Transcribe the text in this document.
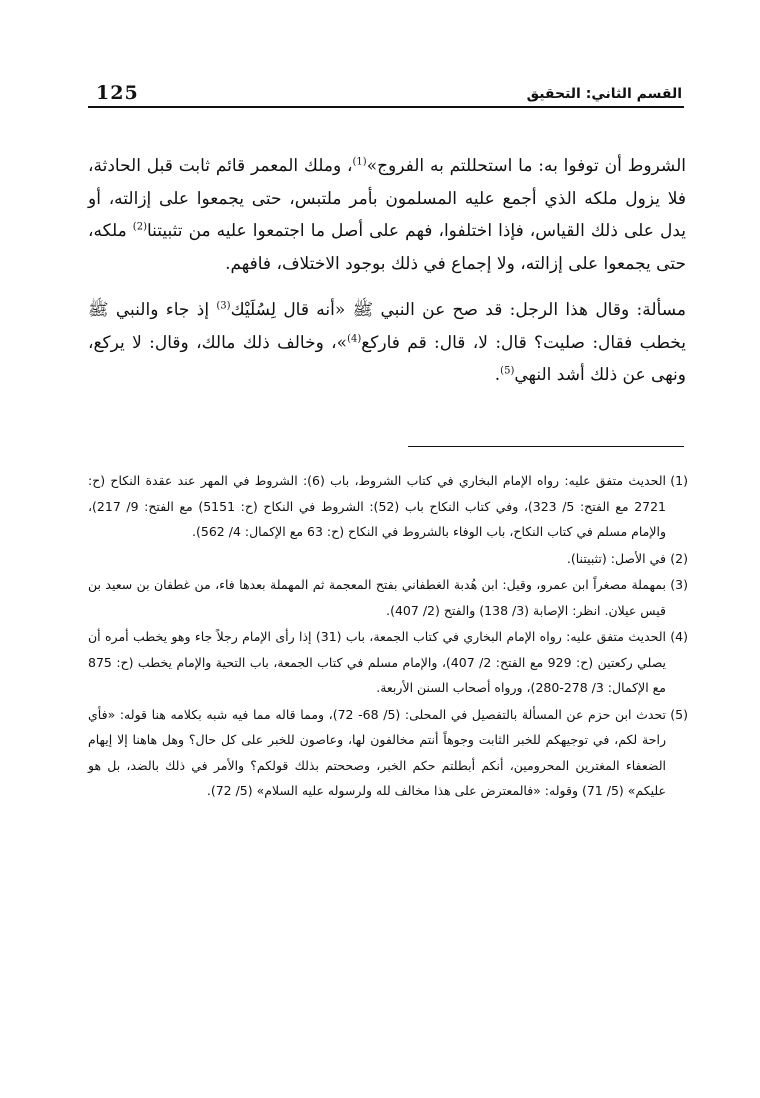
125	القسم الثاني: التحقيق

الشروط أن توفوا به: ما استحللتم به الفروج»$^{(1)}$، وملك المعمر قائم ثابت قبل الحادثة، فلا يزول ملكه الذي أجمع عليه المسلمون بأمر ملتبس، حتى يجمعوا على إزالته، أو يدل على ذلك القياس، فإذا اختلفوا، فهم على أصل ما اجتمعوا عليه من تثبيتنا$^{(2)}$ ملكه، حتى يجمعوا على إزالته، ولا إجماع في ذلك بوجود الاختلاف، فافهم.

مسألة: وقال هذا الرجل: قد صح عن النبي ﷺ «أنه قال لِسُلَيْك$^{(3)}$ إذ جاء والنبي ﷺ يخطب فقال: صليت؟ قال: لا، قال: قم فاركع$^{(4)}$»، وخالف ذلك مالك، وقال: لا يركع، ونهى عن ذلك أشد النهي$^{(5)}$.

(1)
الحديث متفق عليه: رواه الإمام البخاري في كتاب الشروط، باب (6): الشروط في المهر عند عقدة النكاح (ح: 2721 مع الفتح: 5/ 323)، وفي كتاب النكاح باب (52): الشروط في النكاح (ح: 5151) مع الفتح: 9/ 217)، والإمام مسلم في كتاب النكاح، باب الوفاء بالشروط في النكاح (ح: 63 مع الإكمال: 4/ 562).
(2)
في الأصل: (تثبيتنا).
(3)
بمهملة مصغراً ابن عمرو، وقيل: ابن هُدبة الغطفاني بفتح المعجمة ثم المهملة بعدها فاء، من غطفان بن سعيد بن قيس عيلان. انظر: الإصابة (3/ 138) والفتح (2/ 407).
(4)
الحديث متفق عليه: رواه الإمام البخاري في كتاب الجمعة، باب (31) إذا رأى الإمام رجلاً جاء وهو يخطب أمره أن يصلي ركعتين (ح: 929 مع الفتح: 2/ 407)، والإمام مسلم في كتاب الجمعة، باب التحية والإمام يخطب (ح: 875 مع الإكمال: 3/ 278-280)، ورواه أصحاب السنن الأربعة.
(5)
تحدث ابن حزم عن المسألة بالتفصيل في المحلى: (5/ 68- 72)، ومما قاله مما فيه شبه بكلامه هنا قوله: «فأي راحة لكم، في توجيهكم للخبر الثابت وجوهاً أنتم مخالفون لها، وعاصون للخبر على كل حال؟ وهل هاهنا إلا إيهام الضعفاء المغترين المحرومين، أنكم أبطلتم حكم الخبر، وصححتم بذلك قولكم؟ والأمر في ذلك بالضد، بل هو عليكم» (5/ 71) وقوله: «فالمعترض على هذا مخالف لله ولرسوله عليه السلام» (5/ 72).
